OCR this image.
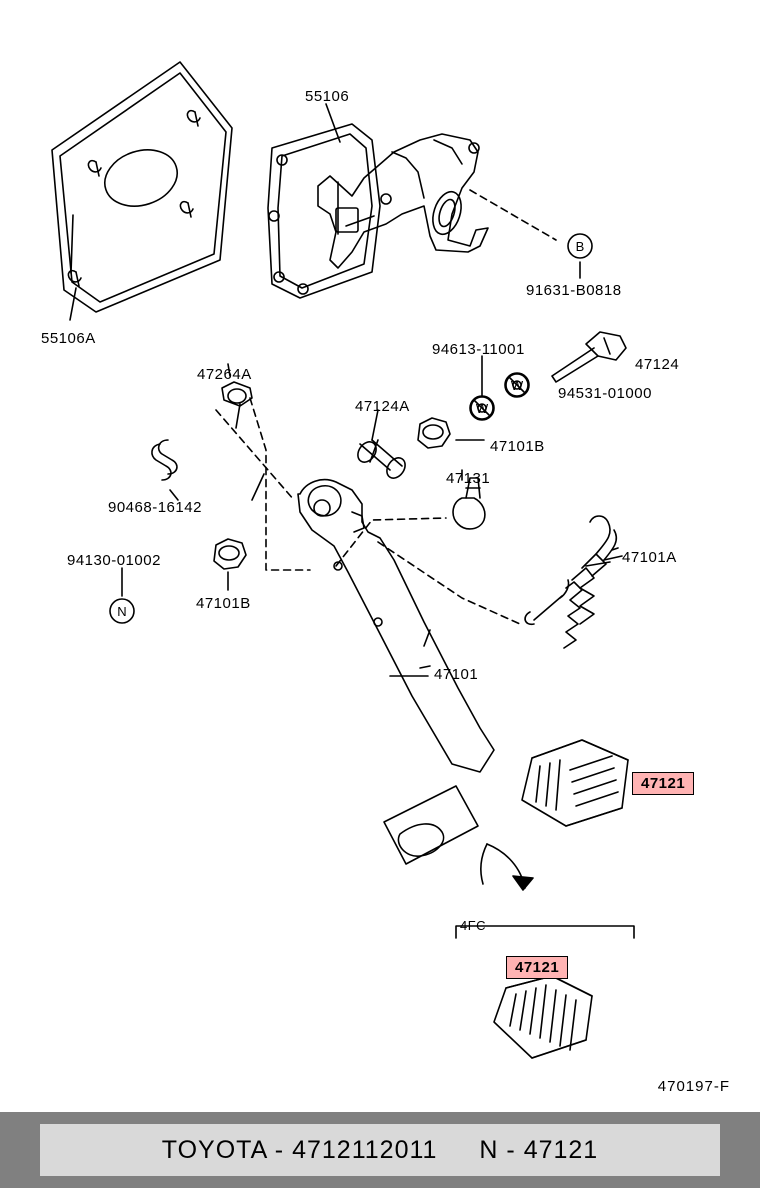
B
W
W
N
55106
55106A
91631-B0818
94613-11001
47124
94531-01000
47264A
47124A
47101B
47131
90468-16142
47101A
94130-01002
47101B
47101
47121
47121
4FC
470197-F
TOYOTA - 4712112011 N - 47121
